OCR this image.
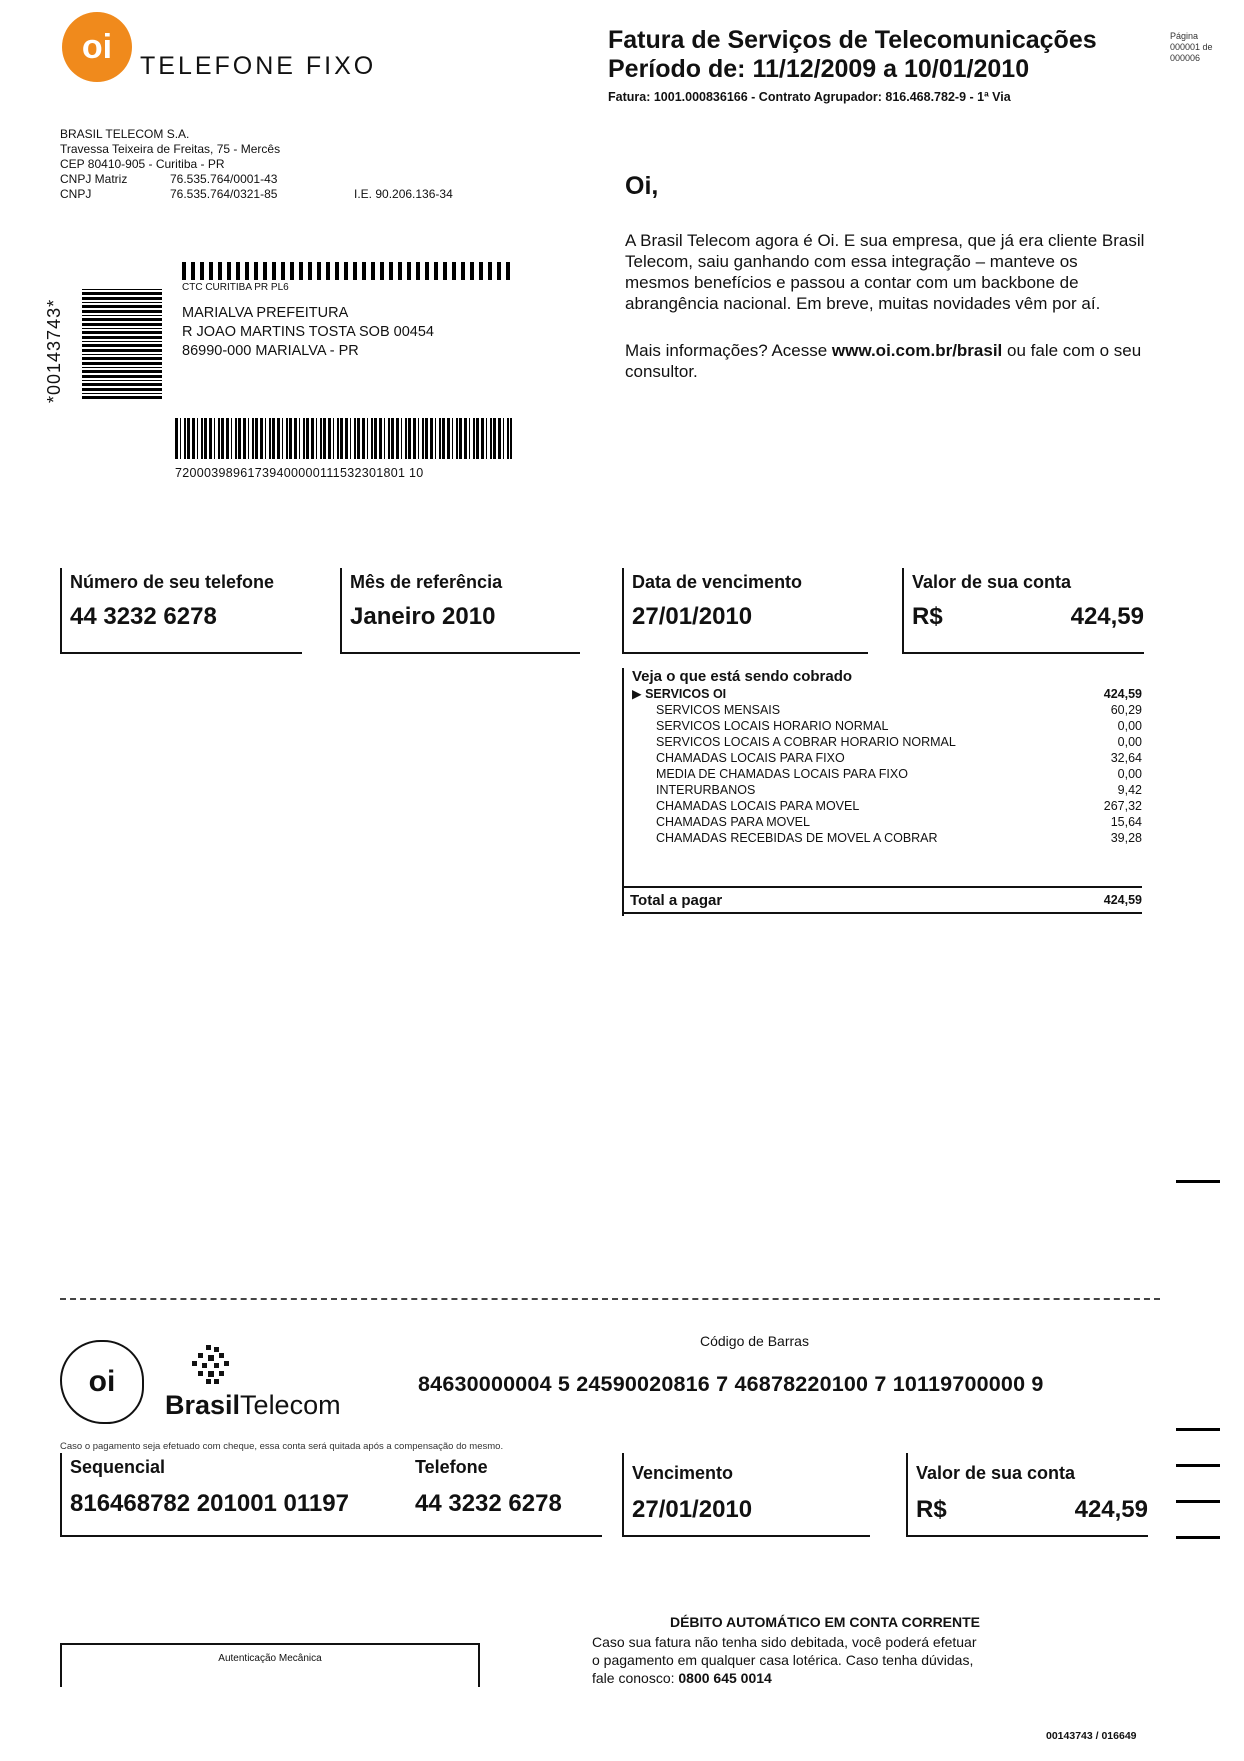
oi
TELEFONE FIXO
Fatura de Serviços de Telecomunicações
Período de: 11/12/2009 a 10/01/2010
Fatura: 1001.000836166 - Contrato Agrupador: 816.468.782-9 - 1ª Via
Página
000001 de
000006
BRASIL TELECOM S.A.
Travessa Teixeira de Freitas, 75 - Mercês
CEP 80410-905 - Curitiba - PR
CNPJ Matriz	76.535.764/0001-43
CNPJ	76.535.764/0321-85	I.E. 90.206.136-34
*00143743*
CTC CURITIBA PR PL6
MARIALVA PREFEITURA
R JOAO MARTINS TOSTA SOB 00454
86990-000 MARIALVA - PR
72000398961739400000111532301801 10
Oi,
A Brasil Telecom agora é Oi. E sua empresa, que já era cliente Brasil Telecom, saiu ganhando com essa integração – manteve os mesmos benefícios e passou a contar com um backbone de abrangência nacional. Em breve, muitas novidades vêm por aí.
Mais informações? Acesse www.oi.com.br/brasil ou fale com o seu consultor.
Número de seu telefone
44 3232 6278
Mês de referência
Janeiro 2010
Data de vencimento
27/01/2010
Valor de sua conta
R$	424,59
Veja o que está sendo cobrado
▶ SERVICOS OI	424,59
SERVICOS MENSAIS	60,29
SERVICOS LOCAIS HORARIO NORMAL	0,00
SERVICOS LOCAIS A COBRAR HORARIO NORMAL	0,00
CHAMADAS LOCAIS PARA FIXO	32,64
MEDIA DE CHAMADAS LOCAIS PARA FIXO	0,00
INTERURBANOS	9,42
CHAMADAS LOCAIS PARA MOVEL	267,32
CHAMADAS PARA MOVEL	15,64
CHAMADAS RECEBIDAS DE MOVEL A COBRAR	39,28
Total a pagar	424,59
oi
BrasilTelecom
Código de Barras
84630000004 5 24590020816 7 46878220100 7 10119700000 9
Caso o pagamento seja efetuado com cheque, essa conta será quitada após a compensação do mesmo.
Sequencial	Telefone
816468782 201001 01197	44 3232 6278
Vencimento
27/01/2010
Valor de sua conta
R$	424,59
Autenticação Mecânica
DÉBITO AUTOMÁTICO EM CONTA CORRENTE
Caso sua fatura não tenha sido debitada, você poderá efetuar
o pagamento em qualquer casa lotérica. Caso tenha dúvidas,
fale conosco: 0800 645 0014
00143743 / 016649
